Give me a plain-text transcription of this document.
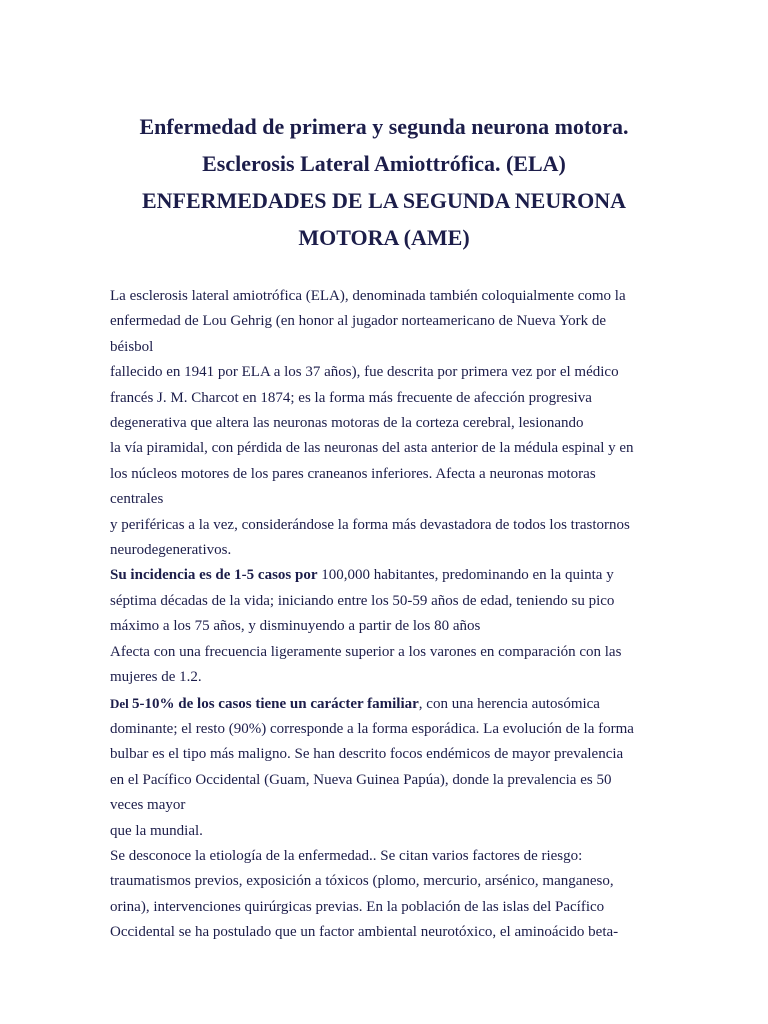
Enfermedad de primera y segunda neurona motora.
Esclerosis Lateral Amiottrófica. (ELA)
ENFERMEDADES DE LA SEGUNDA NEURONA
MOTORA (AME)
La esclerosis lateral amiotrófica (ELA), denominada también coloquialmente como la
enfermedad de Lou Gehrig (en honor al jugador norteamericano de Nueva York de
béisbol
fallecido en 1941 por ELA a los 37 años), fue descrita por primera vez por el médico
francés J. M. Charcot en 1874; es la forma más frecuente de afección progresiva
degenerativa que altera las neuronas motoras de la corteza cerebral, lesionando
la vía piramidal, con pérdida de las neuronas del asta anterior de la médula espinal y en
los núcleos motores de los pares craneanos inferiores. Afecta a neuronas motoras
centrales
y periféricas a la vez, considerándose la forma más devastadora de todos los trastornos
neurodegenerativos.
Su incidencia es de 1-5 casos por 100,000 habitantes, predominando en la quinta y
séptima décadas de la vida; iniciando entre los 50-59 años de edad, teniendo su pico
máximo a los 75 años, y disminuyendo a partir de los 80 años
Afecta con una frecuencia ligeramente superior a los varones en comparación con las
mujeres de 1.2.
Del 5-10% de los casos tiene un carácter familiar, con una herencia autosómica
dominante; el resto (90%) corresponde a la forma esporádica. La evolución de la forma
bulbar es el tipo más maligno. Se han descrito focos endémicos de mayor prevalencia
en el Pacífico Occidental (Guam, Nueva Guinea Papúa), donde la prevalencia es 50
veces mayor
que la mundial.
Se desconoce la etiología de la enfermedad.. Se citan varios factores de riesgo:
traumatismos previos, exposición a tóxicos (plomo, mercurio, arsénico, manganeso,
orina), intervenciones quirúrgicas previas. En la población de las islas del Pacífico
Occidental se ha postulado que un factor ambiental neurotóxico, el aminoácido beta-
